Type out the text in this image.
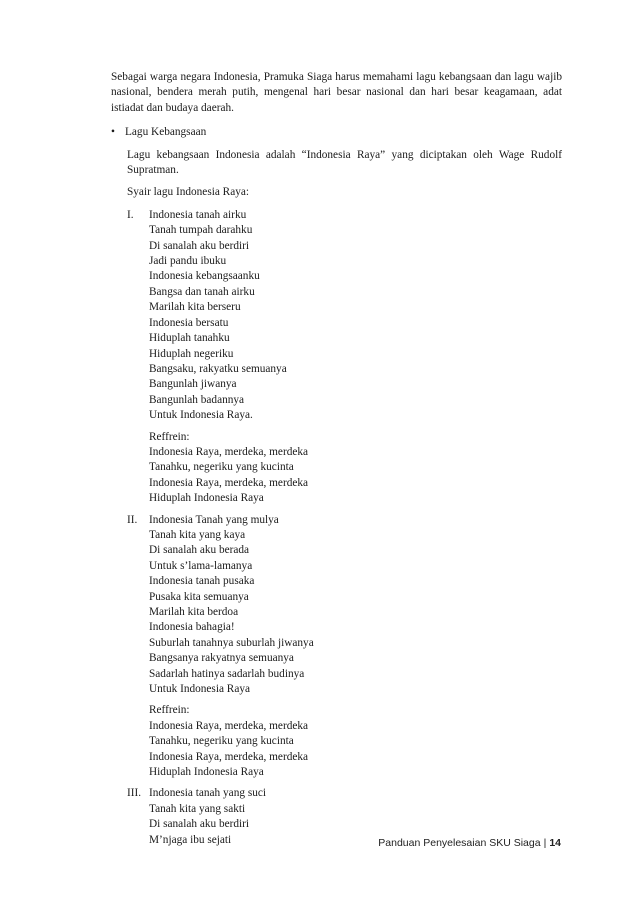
Sebagai warga negara Indonesia, Pramuka Siaga harus memahami lagu kebangsaan dan lagu wajib nasional, bendera merah putih, mengenal hari besar nasional dan hari besar keagamaan, adat istiadat dan budaya daerah.

• Lagu Kebangsaan

Lagu kebangsaan Indonesia adalah “Indonesia Raya” yang diciptakan oleh Wage Rudolf Supratman.

Syair lagu Indonesia Raya:

I.	Indonesia tanah airku
Tanah tumpah darahku
Di sanalah aku berdiri
Jadi pandu ibuku
Indonesia kebangsaanku
Bangsa dan tanah airku
Marilah kita berseru
Indonesia bersatu
Hiduplah tanahku
Hiduplah negeriku
Bangsaku, rakyatku semuanya
Bangunlah jiwanya
Bangunlah badannya
Untuk Indonesia Raya.
Reffrein:
Indonesia Raya, merdeka, merdeka
Tanahku, negeriku yang kucinta
Indonesia Raya, merdeka, merdeka
Hiduplah Indonesia Raya
II.	Indonesia Tanah yang mulya
Tanah kita yang kaya
Di sanalah aku berada
Untuk s’lama-lamanya
Indonesia tanah pusaka
Pusaka kita semuanya
Marilah kita berdoa
Indonesia bahagia!
Suburlah tanahnya suburlah jiwanya
Bangsanya rakyatnya semuanya
Sadarlah hatinya sadarlah budinya
Untuk Indonesia Raya
Reffrein:
Indonesia Raya, merdeka, merdeka
Tanahku, negeriku yang kucinta
Indonesia Raya, merdeka, merdeka
Hiduplah Indonesia Raya
III. Indonesia tanah yang suci
Tanah kita yang sakti
Di sanalah aku berdiri
M’njaga ibu sejati	Panduan Penyelesaian SKU Siaga | 14
